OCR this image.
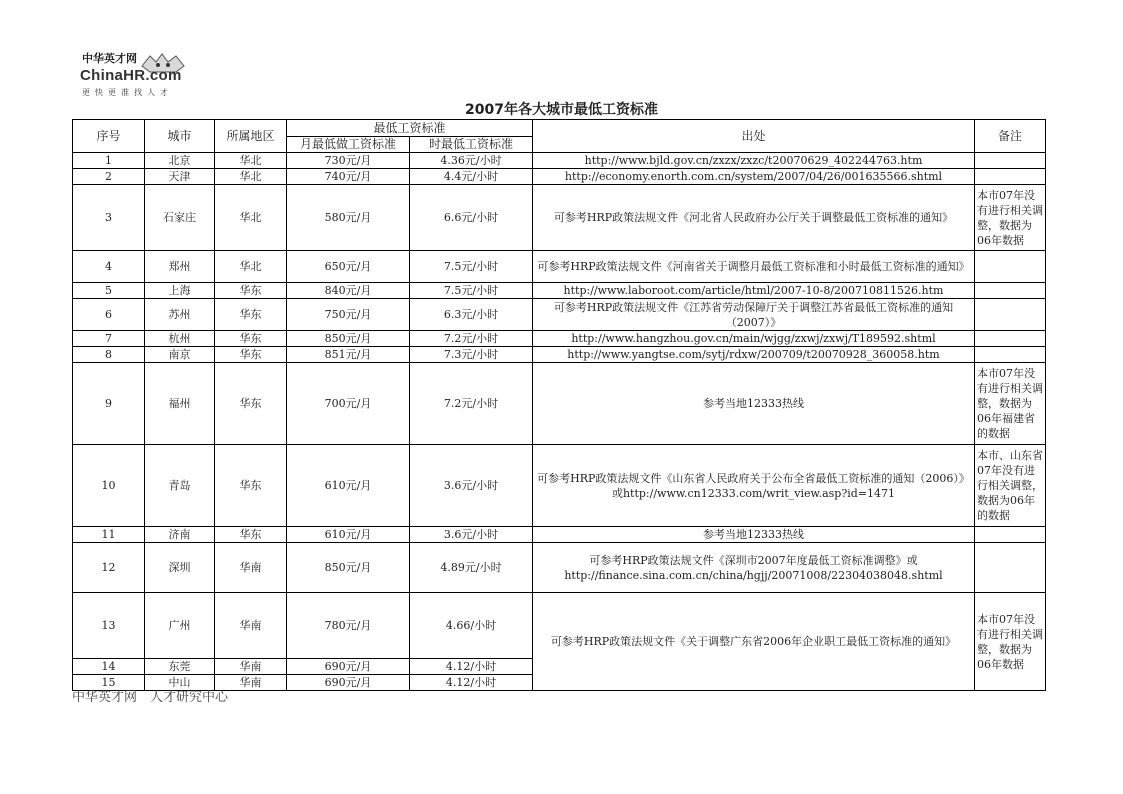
中华英才网
ChinaHR.com
更快更准找人才
2007年各大城市最低工资标准
序号	城市	所属地区	最低工资标准		出处	备注
			月最低做工资标准	时最低工资标准		
1	北京	华北	730元/月	4.36元/小时	http://www.bjld.gov.cn/zxzx/zxzc/t20070629_402244763.htm	
2	天津	华北	740元/月	4.4元/小时	http://economy.enorth.com.cn/system/2007/04/26/001635566.shtml	
3	石家庄	华北	580元/月	6.6元/小时	可参考HRP政策法规文件《河北省人民政府办公厅关于调整最低工资标准的通知》	本市07年没有进行相关调整，数据为06年数据
4	郑州	华北	650元/月	7.5元/小时	可参考HRP政策法规文件《河南省关于调整月最低工资标准和小时最低工资标准的通知》	
5	上海	华东	840元/月	7.5元/小时	http://www.laboroot.com/article/html/2007-10-8/200710811526.htm	
6	苏州	华东	750元/月	6.3元/小时	可参考HRP政策法规文件《江苏省劳动保障厅关于调整江苏省最低工资标准的通知（2007）》	
7	杭州	华东	850元/月	7.2元/小时	http://www.hangzhou.gov.cn/main/wjgg/zxwj/zxwj/T189592.shtml	
8	南京	华东	851元/月	7.3元/小时	http://www.yangtse.com/sytj/rdxw/200709/t20070928_360058.htm	
9	福州	华东	700元/月	7.2元/小时	参考当地12333热线	本市07年没有进行相关调整，数据为06年福建省的数据
10	青岛	华东	610元/月	3.6元/小时	可参考HRP政策法规文件《山东省人民政府关于公布全省最低工资标准的通知（2006）》或http://www.cn12333.com/writ_view.asp?id=1471	本市、山东省07年没有进行相关调整，数据为06年的数据
11	济南	华东	610元/月	3.6元/小时	参考当地12333热线	
12	深圳	华南	850元/月	4.89元/小时	可参考HRP政策法规文件《深圳市2007年度最低工资标准调整》或http://finance.sina.com.cn/china/hgjj/20071008/22304038048.shtml	
13	广州	华南	780元/月	4.66/小时	可参考HRP政策法规文件《关于调整广东省2006年企业职工最低工资标准的通知》	本市07年没有进行相关调整，数据为06年数据
14	东莞	华南	690元/月	4.12/小时		
15	中山	华南	690元/月	4.12/小时		
中华英才网　人才研究中心
